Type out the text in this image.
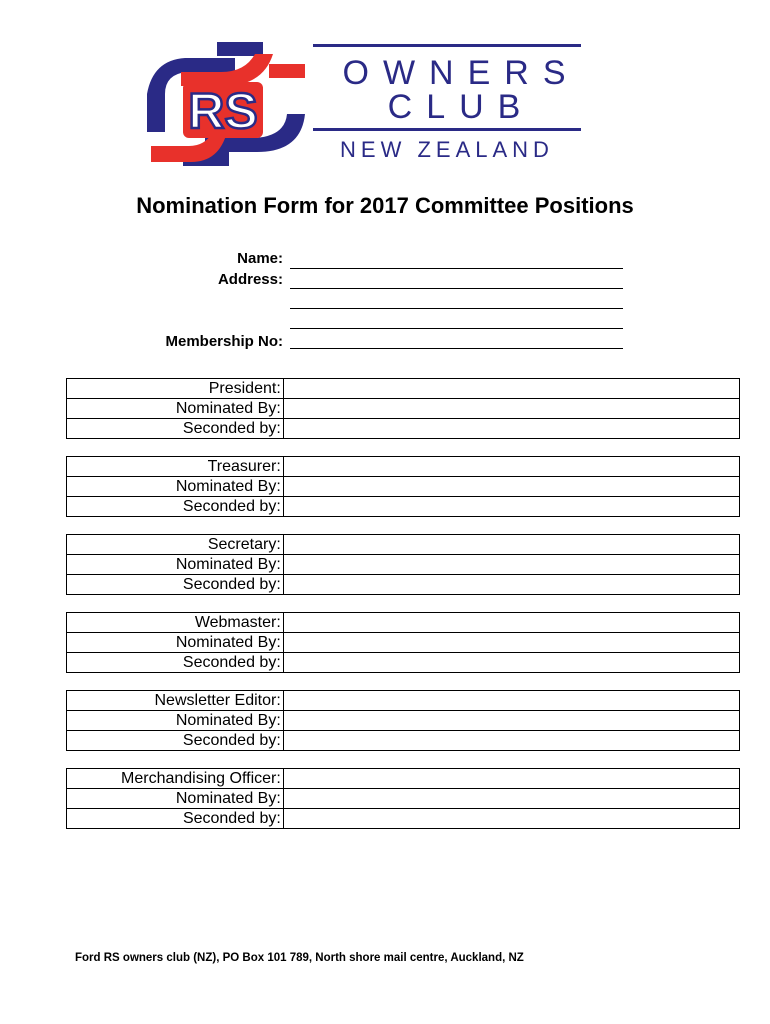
RS
OWNERS
CLUB
NEW ZEALAND
Nomination Form for 2017 Committee Positions
Name:
Address:
Membership No:
President:	
Nominated By:	
Seconded by:	
Treasurer:	
Nominated By:	
Seconded by:	
Secretary:	
Nominated By:	
Seconded by:	
Webmaster:	
Nominated By:	
Seconded by:	
Newsletter Editor:	
Nominated By:	
Seconded by:	
Merchandising Officer:	
Nominated By:	
Seconded by:	
Ford RS owners club (NZ), PO Box 101 789, North shore mail centre, Auckland, NZ
